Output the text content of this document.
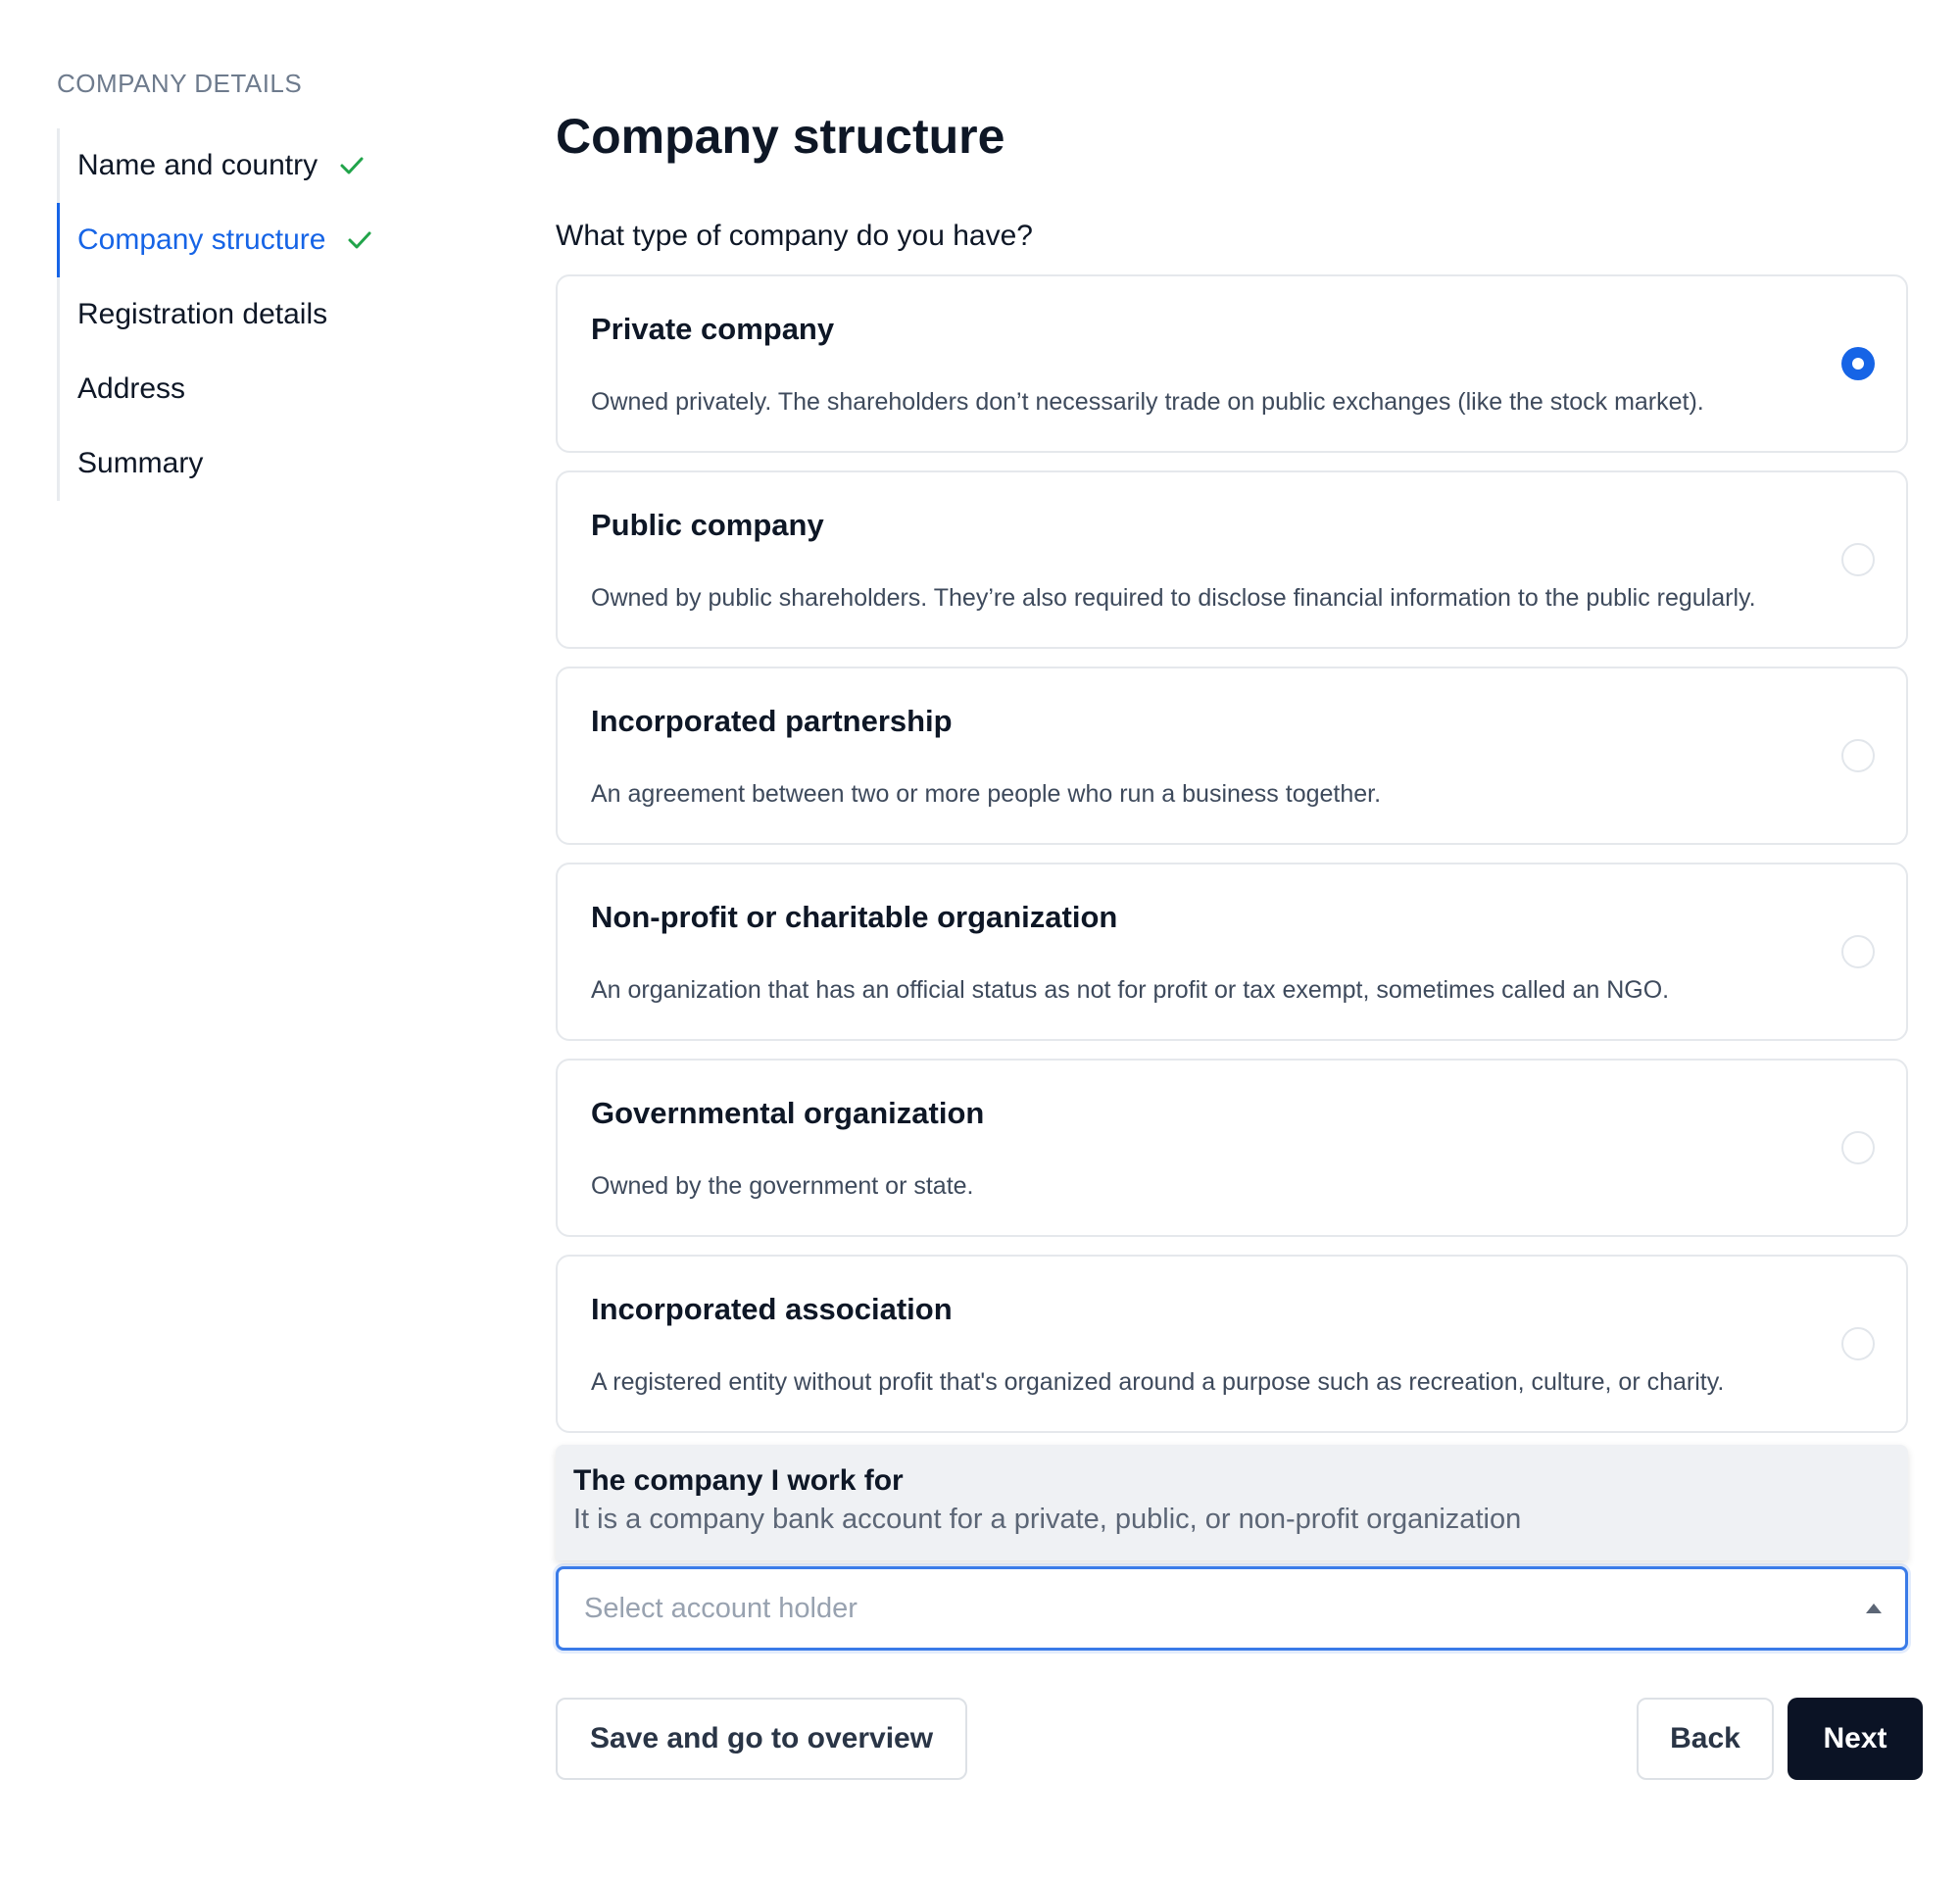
COMPANY DETAILS
Name and country
Company structure
Registration details
Address
Summary
Company structure
What type of company do you have?
Private company
Owned privately. The shareholders don’t necessarily trade on public exchanges (like the stock market).
Public company
Owned by public shareholders. They’re also required to disclose financial information to the public regularly.
Incorporated partnership
An agreement between two or more people who run a business together.
Non-profit or charitable organization
An organization that has an official status as not for profit or tax exempt, sometimes called an NGO.
Governmental organization
Owned by the government or state.
Incorporated association
A registered entity without profit that's organized around a purpose such as recreation, culture, or charity.
The company I work for
It is a company bank account for a private, public, or non-profit organization
Select account holder
Save and go to overview	Back	Next
